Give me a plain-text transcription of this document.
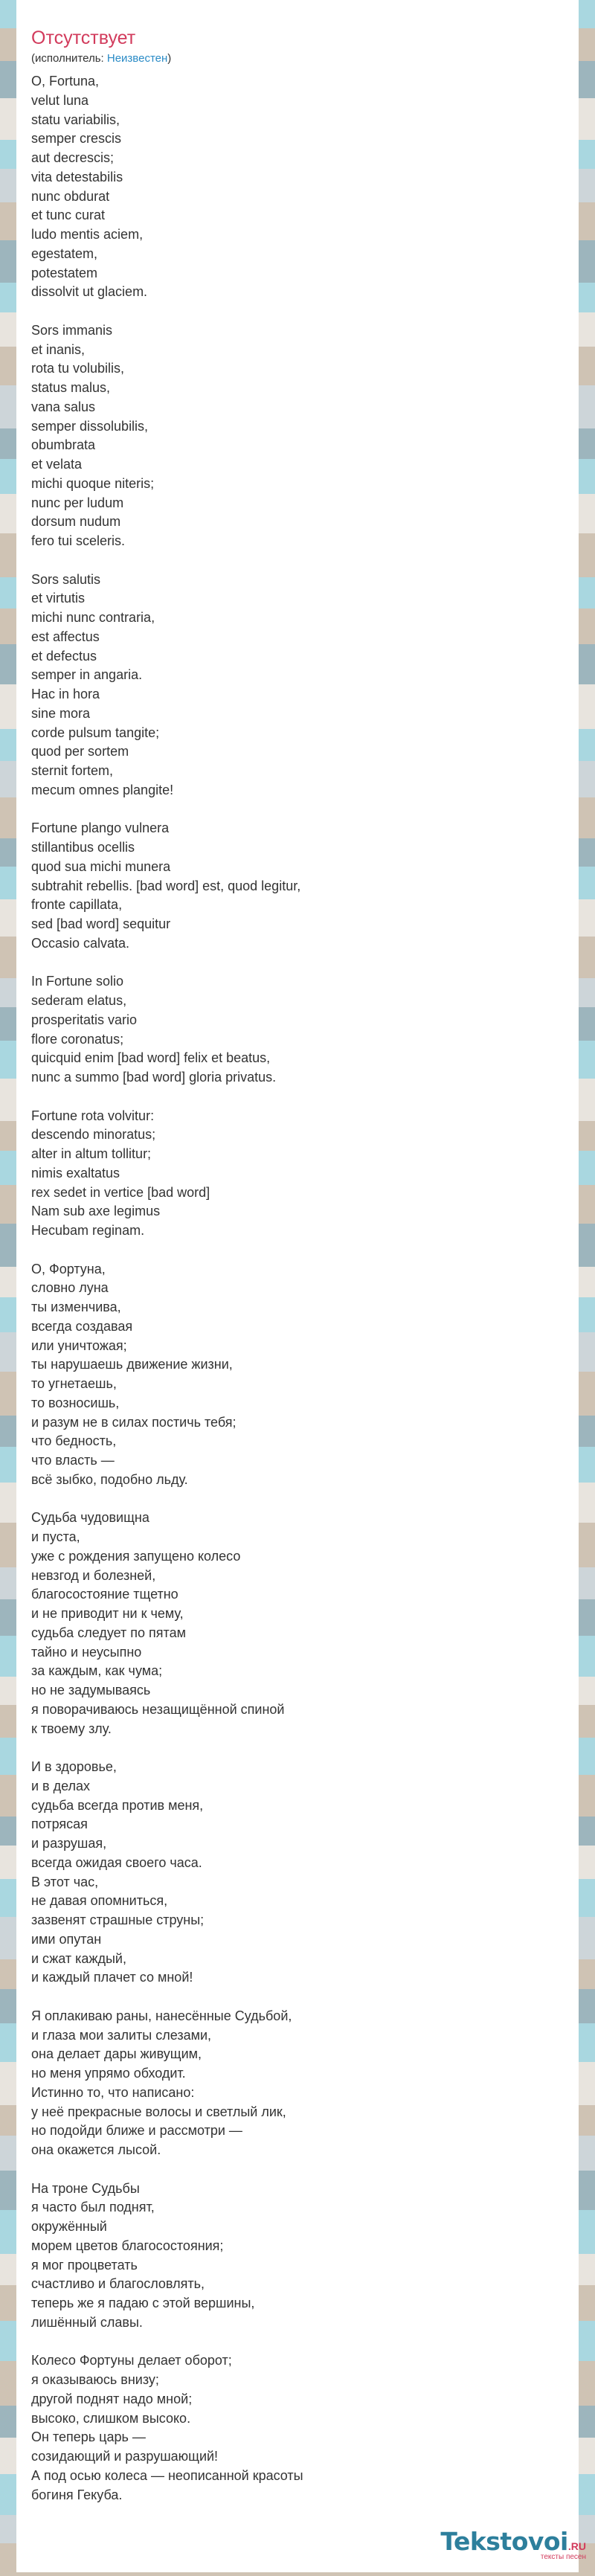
Отсутствует
(исполнитель: Неизвестен)
O, Fortuna,
velut luna
statu variabilis,
semper crescis
aut decrescis;
vita detestabilis
nunc obdurat
et tunc curat
ludo mentis aciem,
egestatem,
potestatem
dissolvit ut glaciem.
Sors immanis
et inanis,
rota tu volubilis,
status malus,
vana salus
semper dissolubilis,
obumbrata
et velata
michi quoque niteris;
nunc per ludum
dorsum nudum
fero tui sceleris.
Sors salutis
et virtutis
michi nunc contraria,
est affectus
et defectus
semper in angaria.
Hac in hora
sine mora
corde pulsum tangite;
quod per sortem
sternit fortem,
mecum omnes plangite!
Fortune plango vulnera
stillantibus ocellis
quod sua michi munera
subtrahit rebellis. [bad word] est, quod legitur,
fronte capillata,
sed [bad word] sequitur
Occasio calvata.
In Fortune solio
sederam elatus,
prosperitatis vario
flore coronatus;
quicquid enim [bad word] felix et beatus,
nunc a summo [bad word] gloria privatus.
Fortune rota volvitur:
descendo minoratus;
alter in altum tollitur;
nimis exaltatus
rex sedet in vertice [bad word]
Nam sub axe legimus
Hecubam reginam.
O, Фортуна,
словно луна
ты изменчива,
всегда создавая
или уничтожая;
ты нарушаешь движение жизни,
то угнетаешь,
то возносишь,
и разум не в силах постичь тебя;
что бедность,
что власть —
всё зыбко, подобно льду.
Судьба чудовищна
и пуста,
уже с рождения запущено колесо
невзгод и болезней,
благосостояние тщетно
и не приводит ни к чему,
судьба следует по пятам
тайно и неусыпно
за каждым, как чума;
но не задумываясь
я поворачиваюсь незащищённой спиной
к твоему злу.
И в здоровье,
и в делах
судьба всегда против меня,
потрясая
и разрушая,
всегда ожидая своего часа.
В этот час,
не давая опомниться,
зазвенят страшные струны;
ими опутан
и сжат каждый,
и каждый плачет со мной!
Я оплакиваю раны, нанесённые Судьбой,
и глаза мои залиты слезами,
она делает дары живущим,
но меня упрямо обходит.
Истинно то, что написано:
у неё прекрасные волосы и светлый лик,
но подойди ближе и рассмотри —
она окажется лысой.
На троне Судьбы
я часто был поднят,
окружённый
морем цветов благосостояния;
я мог процветать
счастливо и благословлять,
теперь же я падаю с этой вершины,
лишённый славы.
Колесо Фортуны делает оборот;
я оказываюсь внизу;
другой поднят надо мной;
высоко, слишком высоко.
Он теперь царь —
созидающий и разрушающий!
А под осью колеса — неописанной красоты
богиня Гекуба.
Tekstovoi.RU
тексты песен
